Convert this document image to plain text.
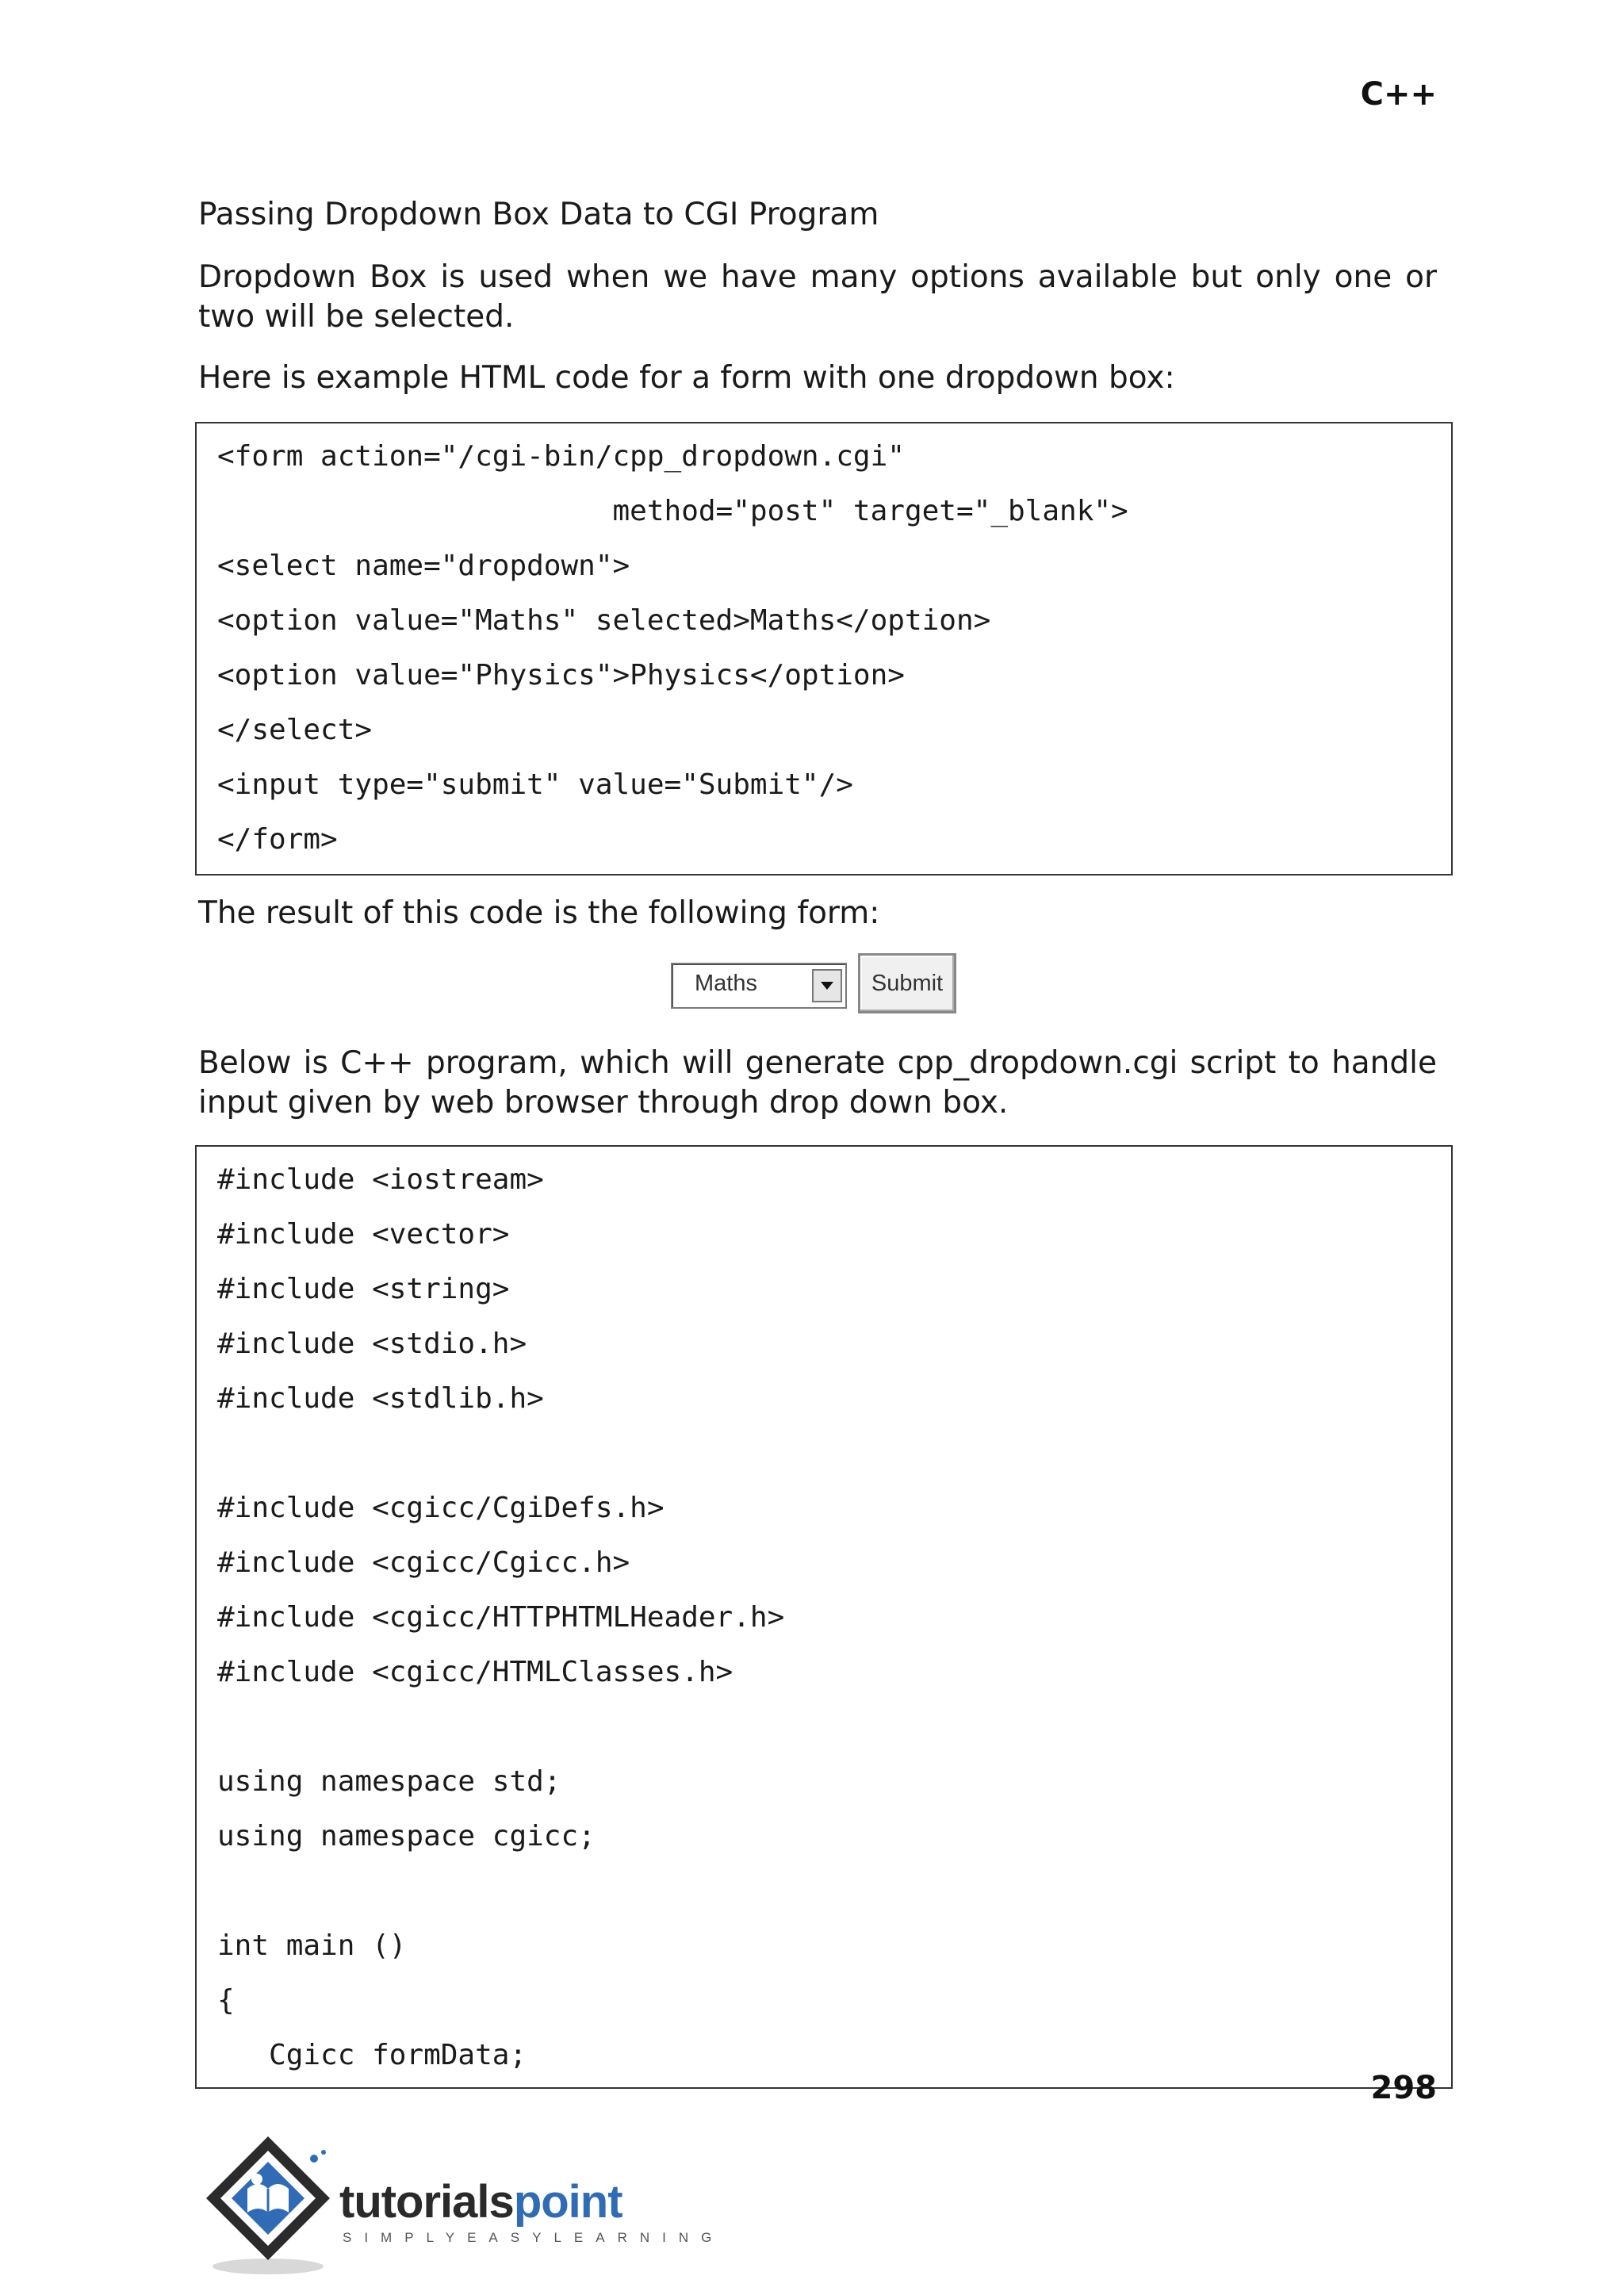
C++
Passing Dropdown Box Data to CGI Program
Dropdown Box is used when we have many options available but only one or two will be selected.
Here is example HTML code for a form with one dropdown box:
<form action="/cgi-bin/cpp_dropdown.cgi"
method="post" target="_blank">
<select name="dropdown">
<option value="Maths" selected>Maths</option>
<option value="Physics">Physics</option>
</select>
<input type="submit" value="Submit"/>
</form>
The result of this code is the following form:
Maths	Submit
Below is C++ program, which will generate cpp_dropdown.cgi script to handle input given by web browser through drop down box.
#include <iostream>
#include <vector>
#include <string>
#include <stdio.h>
#include <stdlib.h>
#include <cgicc/CgiDefs.h>
#include <cgicc/Cgicc.h>
#include <cgicc/HTTPHTMLHeader.h>
#include <cgicc/HTMLClasses.h>
using namespace std;
using namespace cgicc;
int main ()
{
Cgicc formData;
298
tutorialspoint
SIMPLYEASYLEARNING
